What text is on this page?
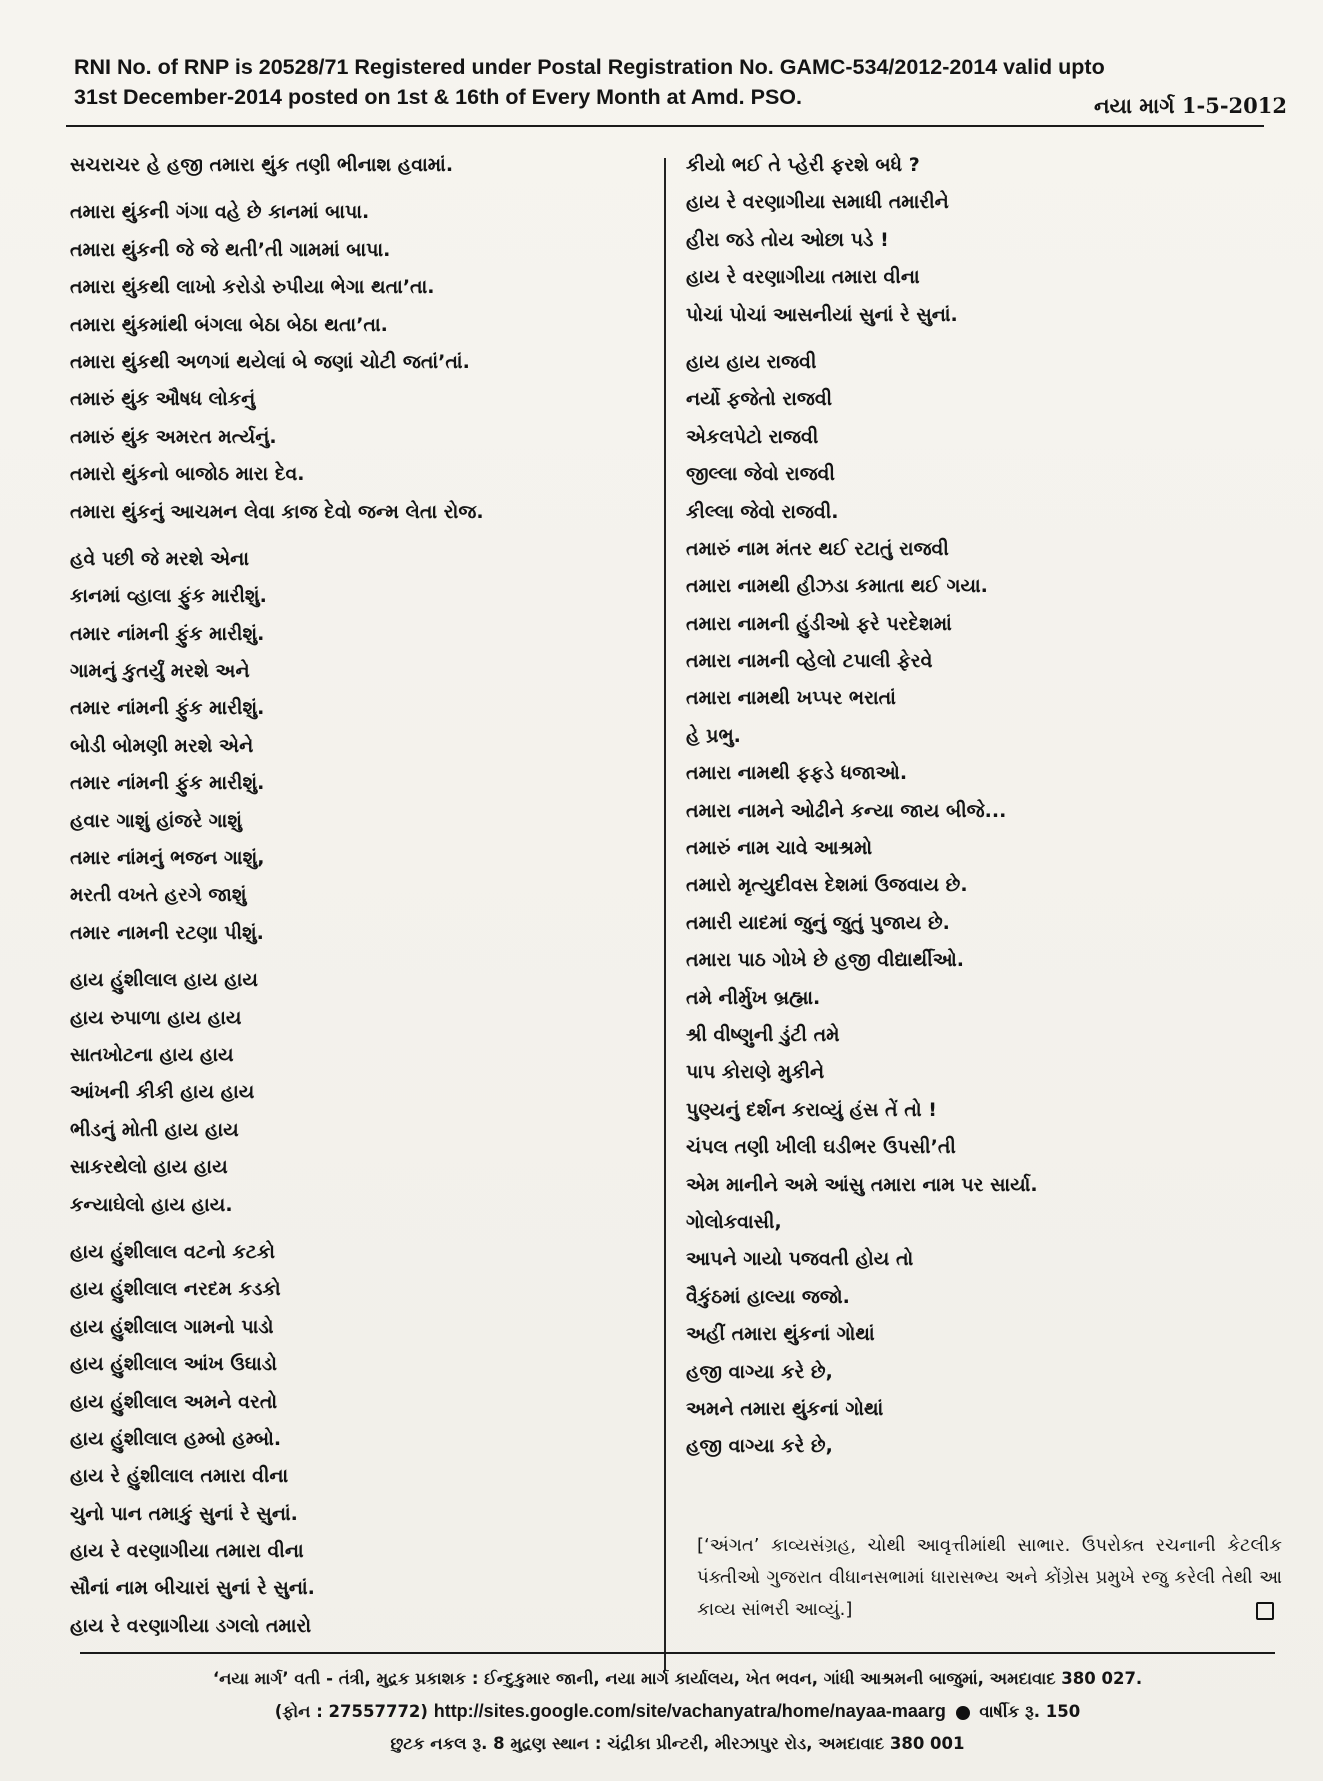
RNI No. of RNP is 20528/71 Registered under Postal Registration No. GAMC-534/2012-2014 valid upto
31st December-2014 posted on 1st & 16th of Every Month at Amd. PSO.	નયા માર્ગ 1-5-2012
સચરાચર હે હજી તમારા થુંક તણી ભીનાશ હવામાં.
તમારા થુંકની ગંગા વહે છે કાનમાં બાપા.
તમારા થુંકની જે જે થતી’તી ગામમાં બાપા.
તમારા થુંકથી લાખો કરોડો રુપીયા ભેગા થતા’તા.
તમારા થુંકમાંથી બંગલા બેઠા બેઠા થતા’તા.
તમારા થુંકથી અળગાં થયેલાં બે જણાં ચોટી જતાં’તાં.
તમારું થુંક ઔષધ લોકનું
તમારું થુંક અમરત મર્ત્યનું.
તમારો થુંકનો બાજોઠ મારા દેવ.
તમારા થુંકનું આચમન લેવા કાજ દેવો જન્મ લેતા રોજ.
હવે પછી જે મરશે એના
કાનમાં વ્હાલા ફુંક મારીશું.
તમાર નાંમની ફુંક મારીશું.
ગામનું કુતર્યું મરશે અને
તમાર નાંમની ફુંક મારીશું.
બોડી બોમણી મરશે એને
તમાર નાંમની ફુંક મારીશું.
હવાર ગાશું હાંજરે ગાશું
તમાર નાંમનું ભજન ગાશું,
મરતી વખતે હરગે જાશું
તમાર નામની રટણા પીશું.
હાય હુંશીલાલ હાય હાય
હાય રુપાળા હાય હાય
સાતખોટના હાય હાય
આંખની કીકી હાય હાય
ભીડનું મોતી હાય હાય
સાકરથેલો હાય હાય
કન્યાઘેલો હાય હાય.
હાય હુંશીલાલ વટનો કટકો
હાય હુંશીલાલ નરદમ કડકો
હાય હુંશીલાલ ગામનો પાડો
હાય હુંશીલાલ આંખ ઉઘાડો
હાય હુંશીલાલ અમને વરતો
હાય હુંશીલાલ હમ્બો હમ્બો.
હાય રે હુંશીલાલ તમારા વીના
ચુનો પાન તમાકું સુનાં રે સુનાં.
હાય રે વરણાગીયા તમારા વીના
સૌનાં નામ બીચારાં સુનાં રે સુનાં.
હાય રે વરણાગીયા ડગલો તમારો
કીયો ભઈ તે પ્હેરી ફરશે બધે ?
હાય રે વરણાગીયા સમાધી તમારીને
હીરા જડે તોય ઓછા પડે !
હાય રે વરણાગીયા તમારા વીના
પોચાં પોચાં આસનીયાં સુનાં રે સુનાં.
હાય હાય રાજવી
નર્યો ફજેતો રાજવી
એકલપેટો રાજવી
જીલ્લા જેવો રાજવી
કીલ્લા જેવો રાજવી.
તમારું નામ મંતર થઈ રટાતું રાજવી
તમારા નામથી હીઝડા કમાતા થઈ ગયા.
તમારા નામની હુંડીઓ ફરે પરદેશમાં
તમારા નામની વ્હેલો ટપાલી ફેરવે
તમારા નામથી ખપ્પર ભરાતાં
હે પ્રભુ.
તમારા નામથી ફફડે ધજાઓ.
તમારા નામને ઓઢીને કન્યા જાય બીજે...
તમારું નામ ચાવે આશ્રમો
તમારો મૃત્યુદીવસ દેશમાં ઉજવાય છે.
તમારી યાદમાં જુનું જુતું પુજાય છે.
તમારા પાઠ ગોખે છે હજી વીદ્યાર્થીઓ.
તમે નીર્મુખ બ્રહ્મા.
શ્રી વીષ્ણુની ડુંટી તમે
પાપ કોરાણે મુકીને
પુણ્યનું દર્શન કરાવ્યું હંસ તેં તો !
ચંપલ તણી ખીલી ઘડીભર ઉપસી’તી
એમ માનીને અમે આંસુ તમારા નામ પર સાર્યા.
ગોલોકવાસી,
આપને ગાયો પજવતી હોય તો
વૈકુંઠમાં હાલ્યા જજો.
અહીં તમારા થુંકનાં ગોથાં
હજી વાગ્યા કરે છે,
અમને તમારા થુંકનાં ગોથાં
હજી વાગ્યા કરે છે,
[‘અંગત’ કાવ્યસંગ્રહ, ચોથી આવૃત્તીમાંથી સાભાર. ઉપરોક્ત રચનાની કેટલીક પંક્તીઓ ગુજરાત વીધાનસભામાં ધારાસભ્ય અને કોંગ્રેસ પ્રમુખે રજુ કરેલી તેથી આ કાવ્ય સાંભરી આવ્યું.]
‘નયા માર્ગ’ વતી - તંત્રી, મુદ્રક પ્રકાશક : ઈન્દુકુમાર જાની, નયા માર્ગ કાર્યાલય, ખેત ભવન, ગાંધી આશ્રમની બાજુમાં, અમદાવાદ 380 027.
(ફોન : 27557772) http://sites.google.com/site/vachanyatra/home/nayaa-maarg વાર્ષીક રૂ. 150
છુટક નકલ રૂ. 8 મુદ્રણ સ્થાન : ચંદ્રીકા પ્રીન્ટરી, મીરઝાપુર રોડ, અમદાવાદ 380 001
